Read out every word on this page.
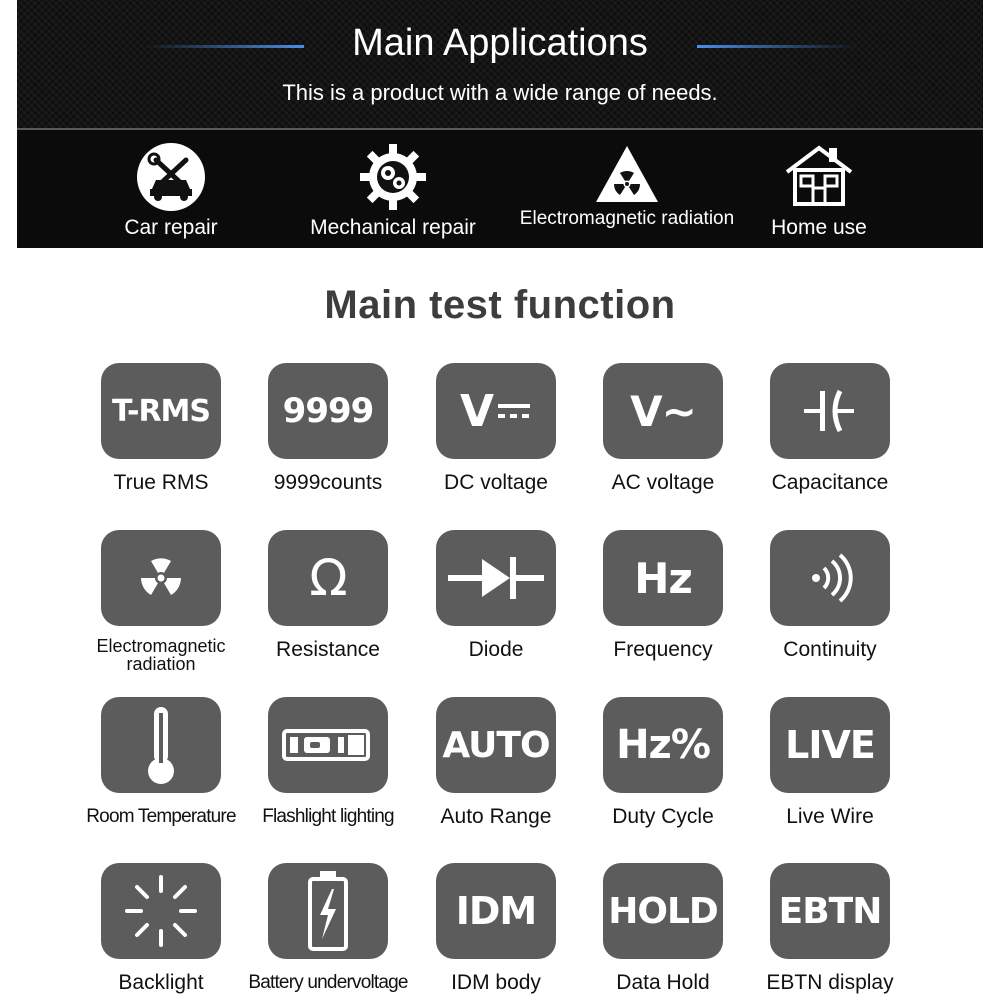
Main Applications
This is a product with a wide range of needs.
Car repair	Mechanical repair	Electromagnetic radiation	Home use
Main test function
T-RMS
True RMS
9999
9999counts
V
DC voltage
V~
AC voltage	Capacitance
Electromagnetic radiation
Ω
Resistance	Diode
Hz
Frequency	Continuity
Room Temperature	Flashlight lighting
AUTO
Auto Range
Hz%
Duty Cycle
LIVE
Live Wire
Backlight	Battery undervoltage
IDM
IDM body
HOLD
Data Hold
EBTN
EBTN display
